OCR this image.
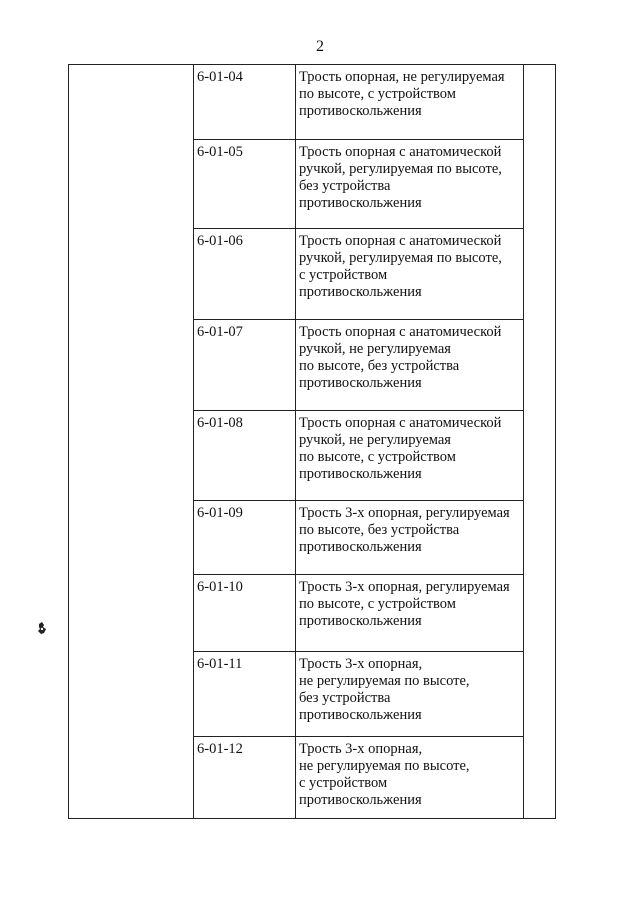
2
	6-01-04	Трость опорная, не регулируемая
по высоте, с устройством
противоскольжения	
	6-01-05	Трость опорная с анатомической
ручкой, регулируемая по высоте,
без устройства
противоскольжения	
	6-01-06	Трость опорная с анатомической
ручкой, регулируемая по высоте,
с устройством
противоскольжения	
	6-01-07	Трость опорная с анатомической
ручкой, не регулируемая
по высоте, без устройства
противоскольжения	
	6-01-08	Трость опорная с анатомической
ручкой, не регулируемая
по высоте, с устройством
противоскольжения	
	6-01-09	Трость 3-х опорная, регулируемая
по высоте, без устройства
противоскольжения	
	6-01-10	Трость 3-х опорная, регулируемая
по высоте, с устройством
противоскольжения	
	6-01-11	Трость 3-х опорная,
не регулируемая по высоте,
без устройства
противоскольжения	
	6-01-12	Трость 3-х опорная,
не регулируемая по высоте,
с устройством
противоскольжения	
